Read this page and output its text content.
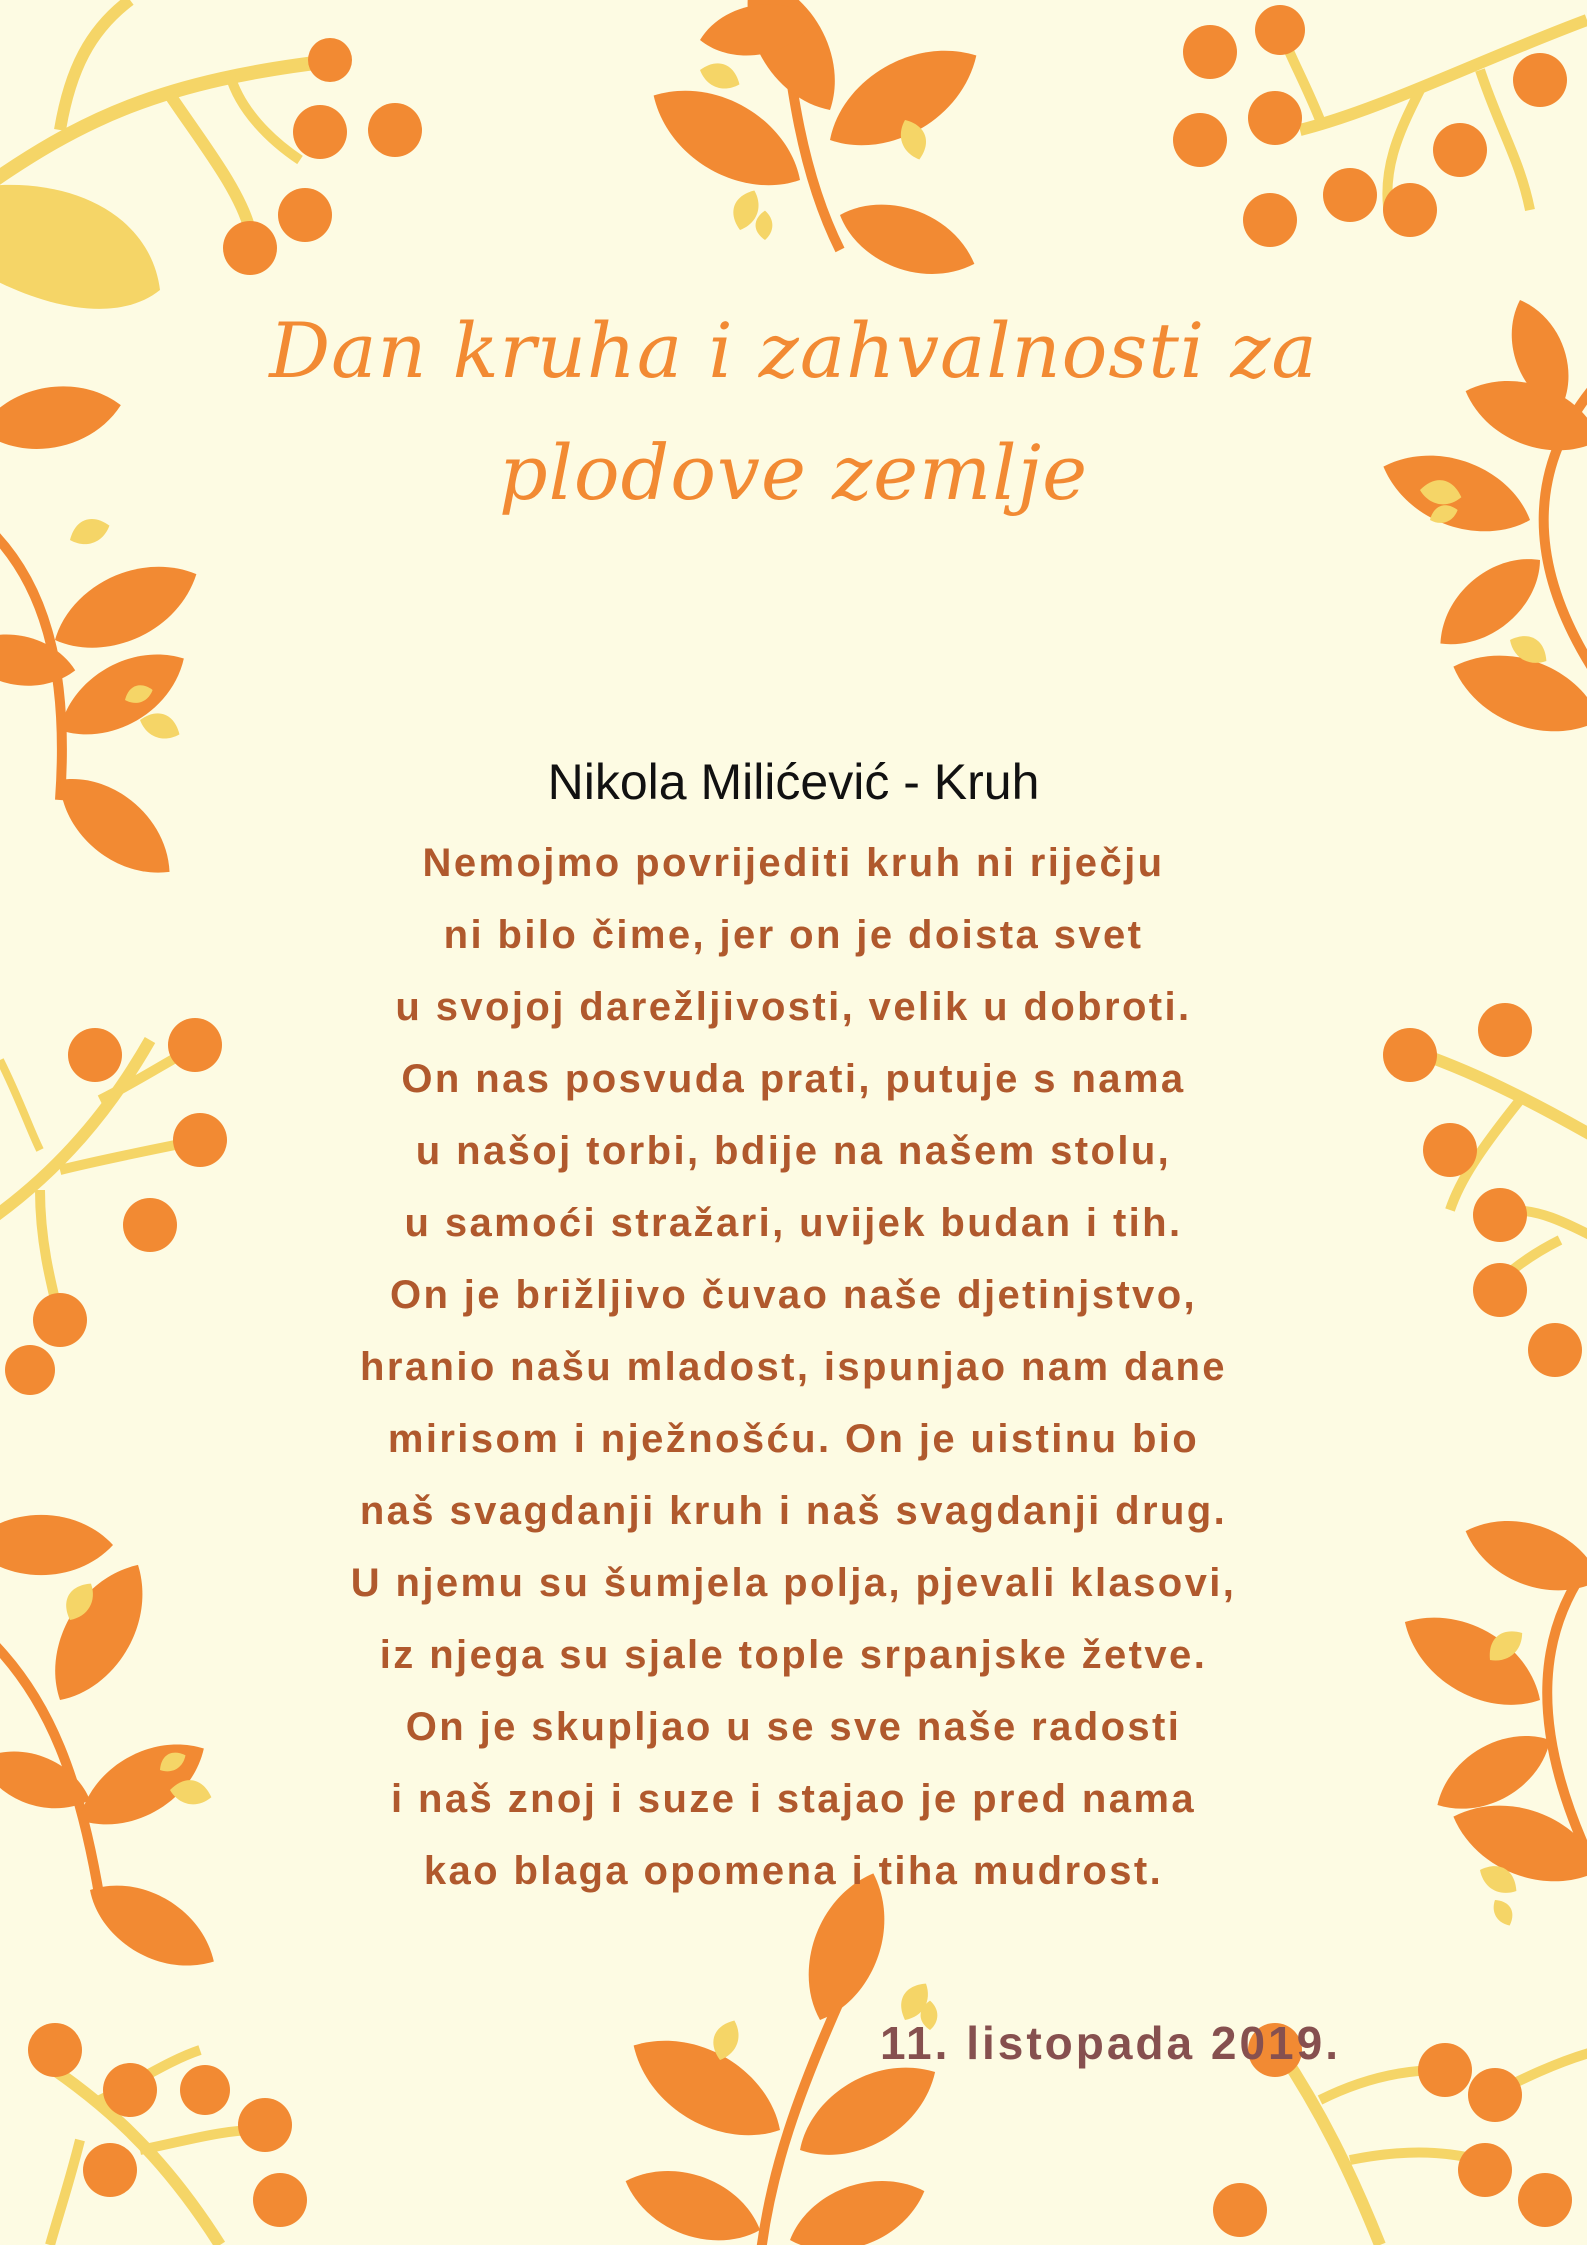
Dan kruha i zahvalnosti za
plodove zemlje

Nikola Milićević - Kruh

Nemojmo povrijediti kruh ni riječju
ni bilo čime, jer on je doista svet
u svojoj darežljivosti, velik u dobroti.
On nas posvuda prati, putuje s nama
u našoj torbi, bdije na našem stolu,
u samoći stražari, uvijek budan i tih.
On je brižljivo čuvao naše djetinjstvo,
hranio našu mladost, ispunjao nam dane
mirisom i nježnošću. On je uistinu bio
naš svagdanji kruh i naš svagdanji drug.
U njemu su šumjela polja, pjevali klasovi,
iz njega su sjale tople srpanjske žetve.
On je skupljao u se sve naše radosti
i naš znoj i suze i stajao je pred nama
kao blaga opomena i tiha mudrost.
11. listopada 2019.
